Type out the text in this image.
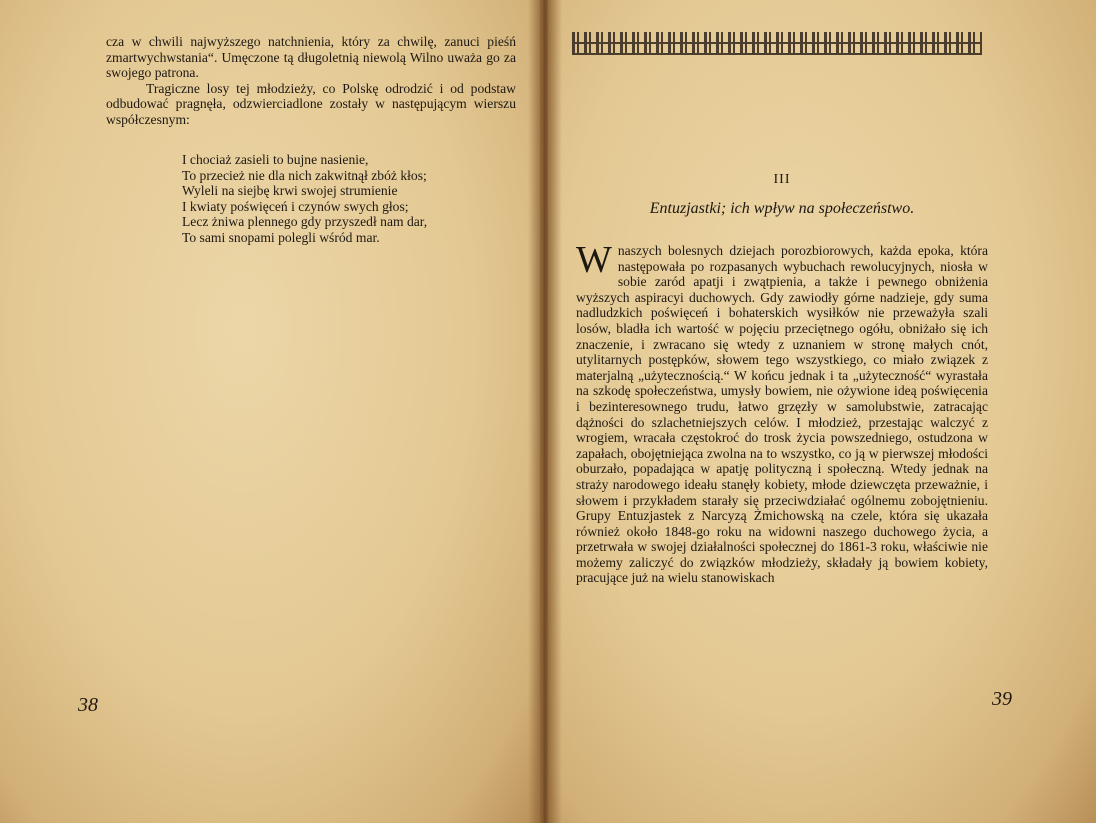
cza w chwili najwyższego natchnienia, który za chwilę, zanuci pieśń zmartwychwstania“. Umęczone tą długoletnią niewolą Wilno uważa go za swojego patrona.

Tragiczne losy tej młodzieży, co Polskę odrodzić i od podstaw odbudować pragnęła, odzwierciadlone zostały w następującym wierszu współczesnym:

I chociaż zasieli to bujne nasienie,
To przecież nie dla nich zakwitnął zbóż kłos;
Wyleli na siejbę krwi swojej strumienie
I kwiaty poświęceń i czynów swych głos;
Lecz żniwa plennego gdy przyszedł nam dar,
To sami snopami polegli wśród mar.
38
III
Entuzjastki; ich wpływ na społeczeństwo.

W naszych bolesnych dziejach porozbiorowych, każda epoka, która następowała po rozpasanych wybuchach rewolucyjnych, niosła w sobie zaród apatji i zwątpienia, a także i pewnego obniżenia wyższych aspiracyi duchowych. Gdy zawiodły górne nadzieje, gdy suma nadludzkich poświęceń i bohaterskich wysiłków nie przeważyła szali losów, bladła ich wartość w pojęciu przeciętnego ogółu, obniżało się ich znaczenie, i zwracano się wtedy z uznaniem w stronę małych cnót, utylitarnych postępków, słowem tego wszystkiego, co miało związek z materjalną „użytecznością.“ W końcu jednak i ta „użyteczność“ wyrastała na szkodę społeczeństwa, umysły bowiem, nie ożywione ideą poświęcenia i bezinteresownego trudu, łatwo grzęzły w samolubstwie, zatracając dążności do szlachetniejszych celów. I młodzież, przestając walczyć z wrogiem, wracała częstokroć do trosk życia powszedniego, ostudzona w zapałach, obojętniejąca zwolna na to wszystko, co ją w pierwszej młodości oburzało, popadająca w apatję polityczną i społeczną. Wtedy jednak na straży narodowego ideału stanęły kobiety, młode dziewczęta przeważnie, i słowem i przykładem starały się przeciwdziałać ogólnemu zobojętnieniu. Grupy Entuzjastek z Narcyzą Żmichowską na czele, która się ukazała również około 1848-go roku na widowni naszego duchowego życia, a przetrwała w swojej działalności społecznej do 1861-3 roku, właściwie nie możemy zaliczyć do związków młodzieży, składały ją bowiem kobiety, pracujące już na wielu stanowiskach

39
